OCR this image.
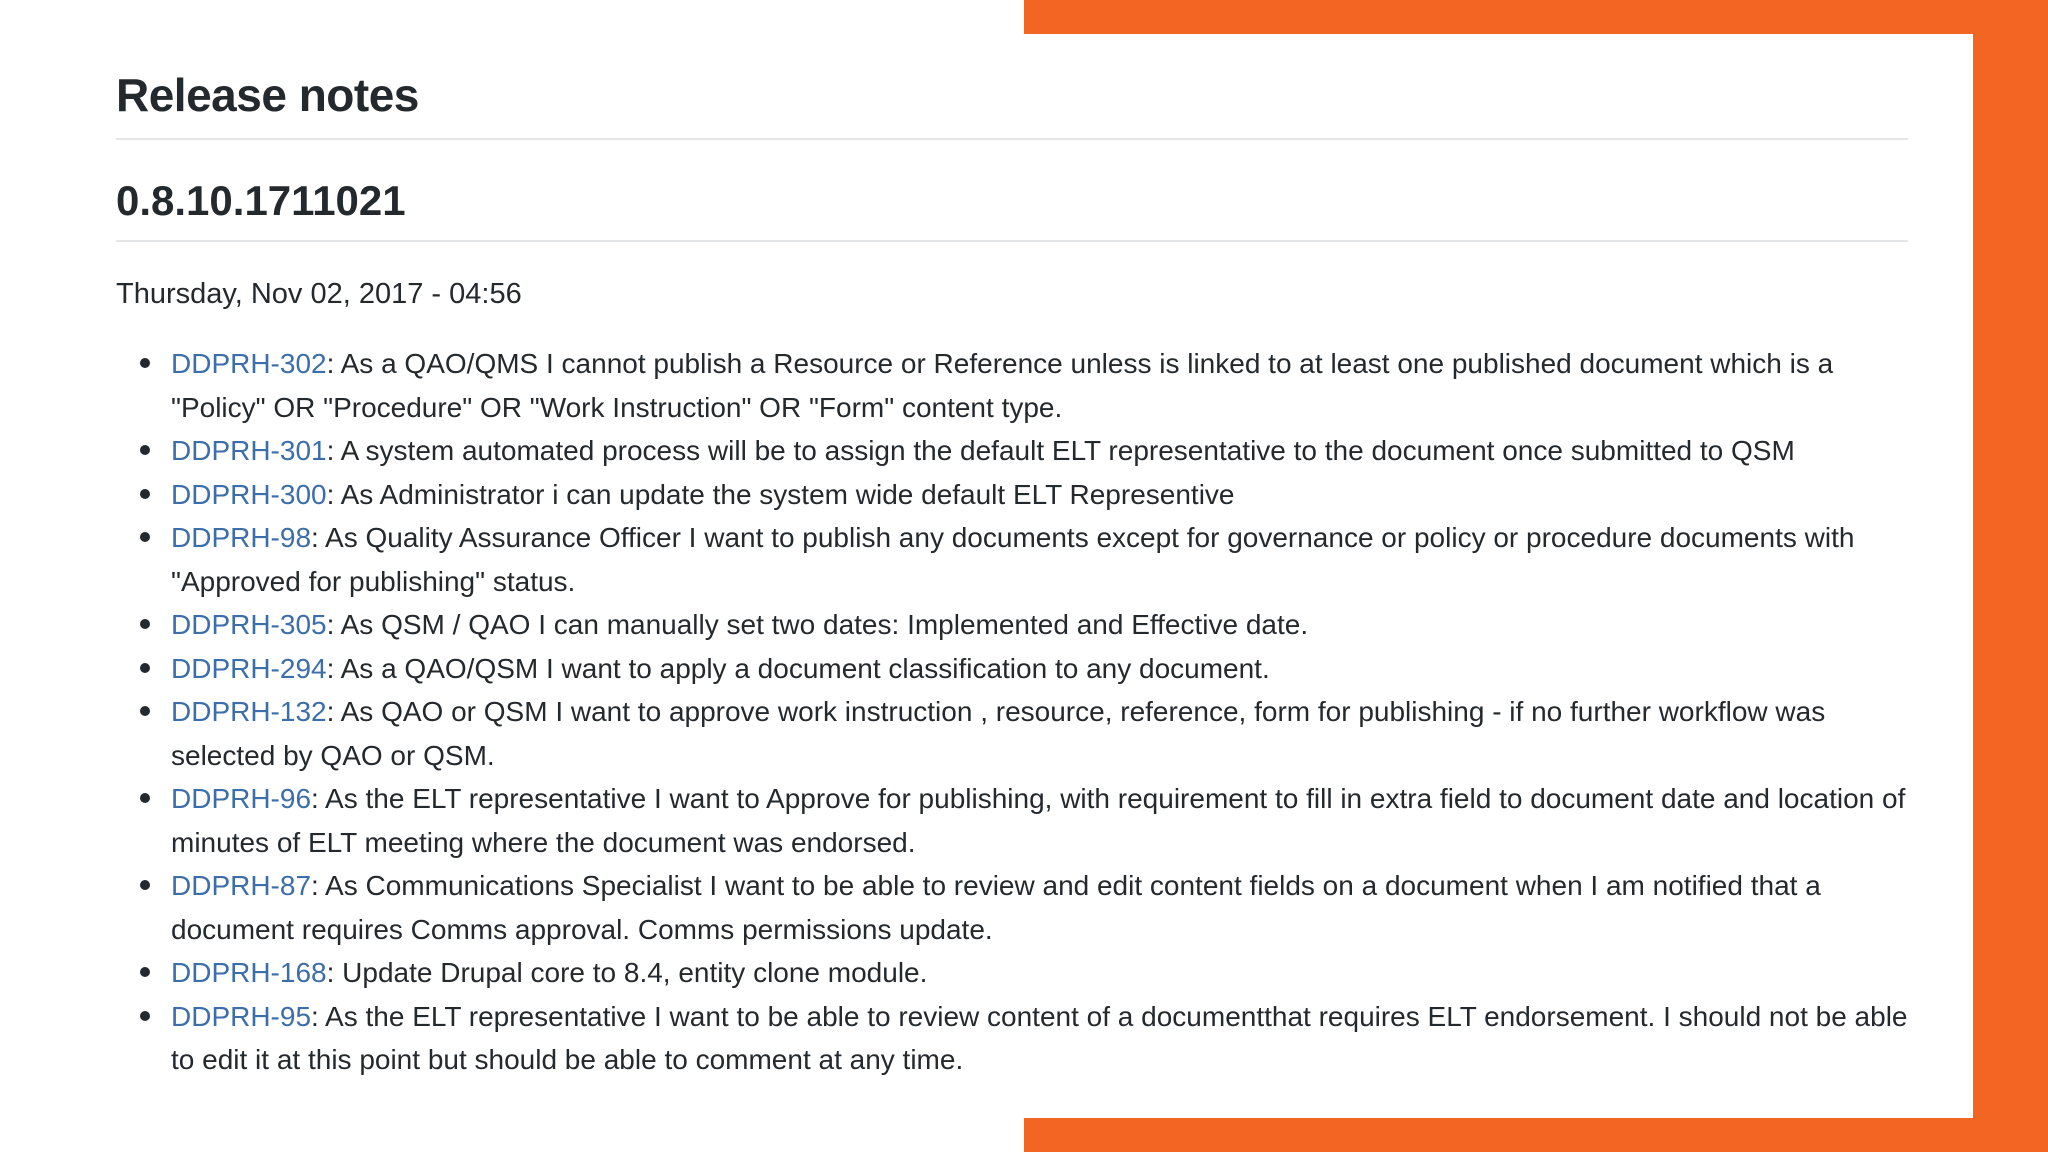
Release notes
0.8.10.1711021
Thursday, Nov 02, 2017 - 04:56
DDPRH-302: As a QAO/QMS I cannot publish a Resource or Reference unless is linked to at least one published document which is a "Policy" OR "Procedure" OR "Work Instruction" OR "Form" content type.
DDPRH-301: A system automated process will be to assign the default ELT representative to the document once submitted to QSM
DDPRH-300: As Administrator i can update the system wide default ELT Representive
DDPRH-98: As Quality Assurance Officer I want to publish any documents except for governance or policy or procedure documents with "Approved for publishing" status.
DDPRH-305: As QSM / QAO I can manually set two dates: Implemented and Effective date.
DDPRH-294: As a QAO/QSM I want to apply a document classification to any document.
DDPRH-132: As QAO or QSM I want to approve work instruction , resource, reference, form for publishing - if no further workflow was selected by QAO or QSM.
DDPRH-96: As the ELT representative I want to Approve for publishing, with requirement to fill in extra field to document date and location of minutes of ELT meeting where the document was endorsed.
DDPRH-87: As Communications Specialist I want to be able to review and edit content fields on a document when I am notified that a document requires Comms approval. Comms permissions update.
DDPRH-168: Update Drupal core to 8.4, entity clone module.
DDPRH-95: As the ELT representative I want to be able to review content of a documentthat requires ELT endorsement. I should not be able to edit it at this point but should be able to comment at any time.
